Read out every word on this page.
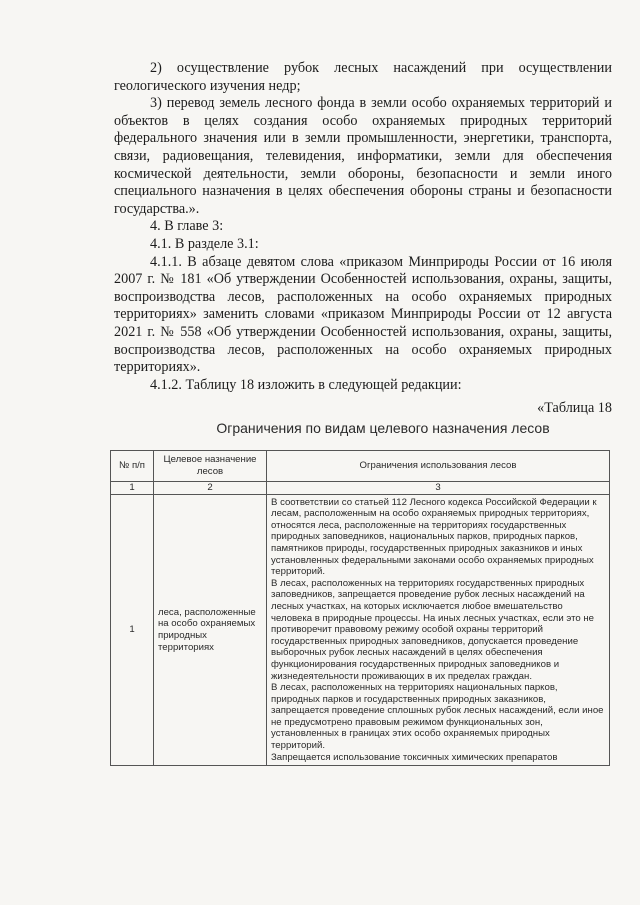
2) осуществление рубок лесных насаждений при осуществлении геологического изучения недр;

3) перевод земель лесного фонда в земли особо охраняемых территорий и объектов в целях создания особо охраняемых природных территорий федерального значения или в земли промышленности, энергетики, транспорта, связи, радиовещания, телевидения, информатики, земли для обеспечения космической деятельности, земли обороны, безопасности и земли иного специального назначения в целях обеспечения обороны страны и безопасности государства.».

4. В главе 3:

4.1. В разделе 3.1:

4.1.1. В абзаце девятом слова «приказом Минприроды России от 16 июля 2007 г. № 181 «Об утверждении Особенностей использования, охраны, защиты, воспроизводства лесов, расположенных на особо охраняемых природных территориях» заменить словами «приказом Минприроды России от 12 августа 2021 г. № 558 «Об утверждении Особенностей использования, охраны, защиты, воспроизводства лесов, расположенных на особо охраняемых природных территориях».

4.1.2. Таблицу 18 изложить в следующей редакции:

«Таблица 18

Ограничения по видам целевого назначения лесов
№ п/п	Целевое назначение лесов	Ограничения использования лесов
1	2	3
1	леса, расположенные на особо охраняемых природных территориях	В соответствии со статьей 112 Лесного кодекса Российской Федерации к лесам, расположенным на особо охраняемых природных территориях, относятся леса, расположенные на территориях государственных природных заповедников, национальных парков, природных парков, памятников природы, государственных природных заказников и иных установленных федеральными законами особо охраняемых природных территорий.

В лесах, расположенных на территориях государственных природных заповедников, запрещается проведение рубок лесных насаждений на лесных участках, на которых исключается любое вмешательство человека в природные процессы. На иных лесных участках, если это не противоречит правовому режиму особой охраны территорий государственных природных заповедников, допускается проведение выборочных рубок лесных насаждений в целях обеспечения функционирования государственных природных заповедников и жизнедеятельности проживающих в их пределах граждан.

В лесах, расположенных на территориях национальных парков, природных парков и государственных природных заказников, запрещается проведение сплошных рубок лесных насаждений, если иное не предусмотрено правовым режимом функциональных зон, установленных в границах этих особо охраняемых природных территорий.

Запрещается использование токсичных химических препаратов
